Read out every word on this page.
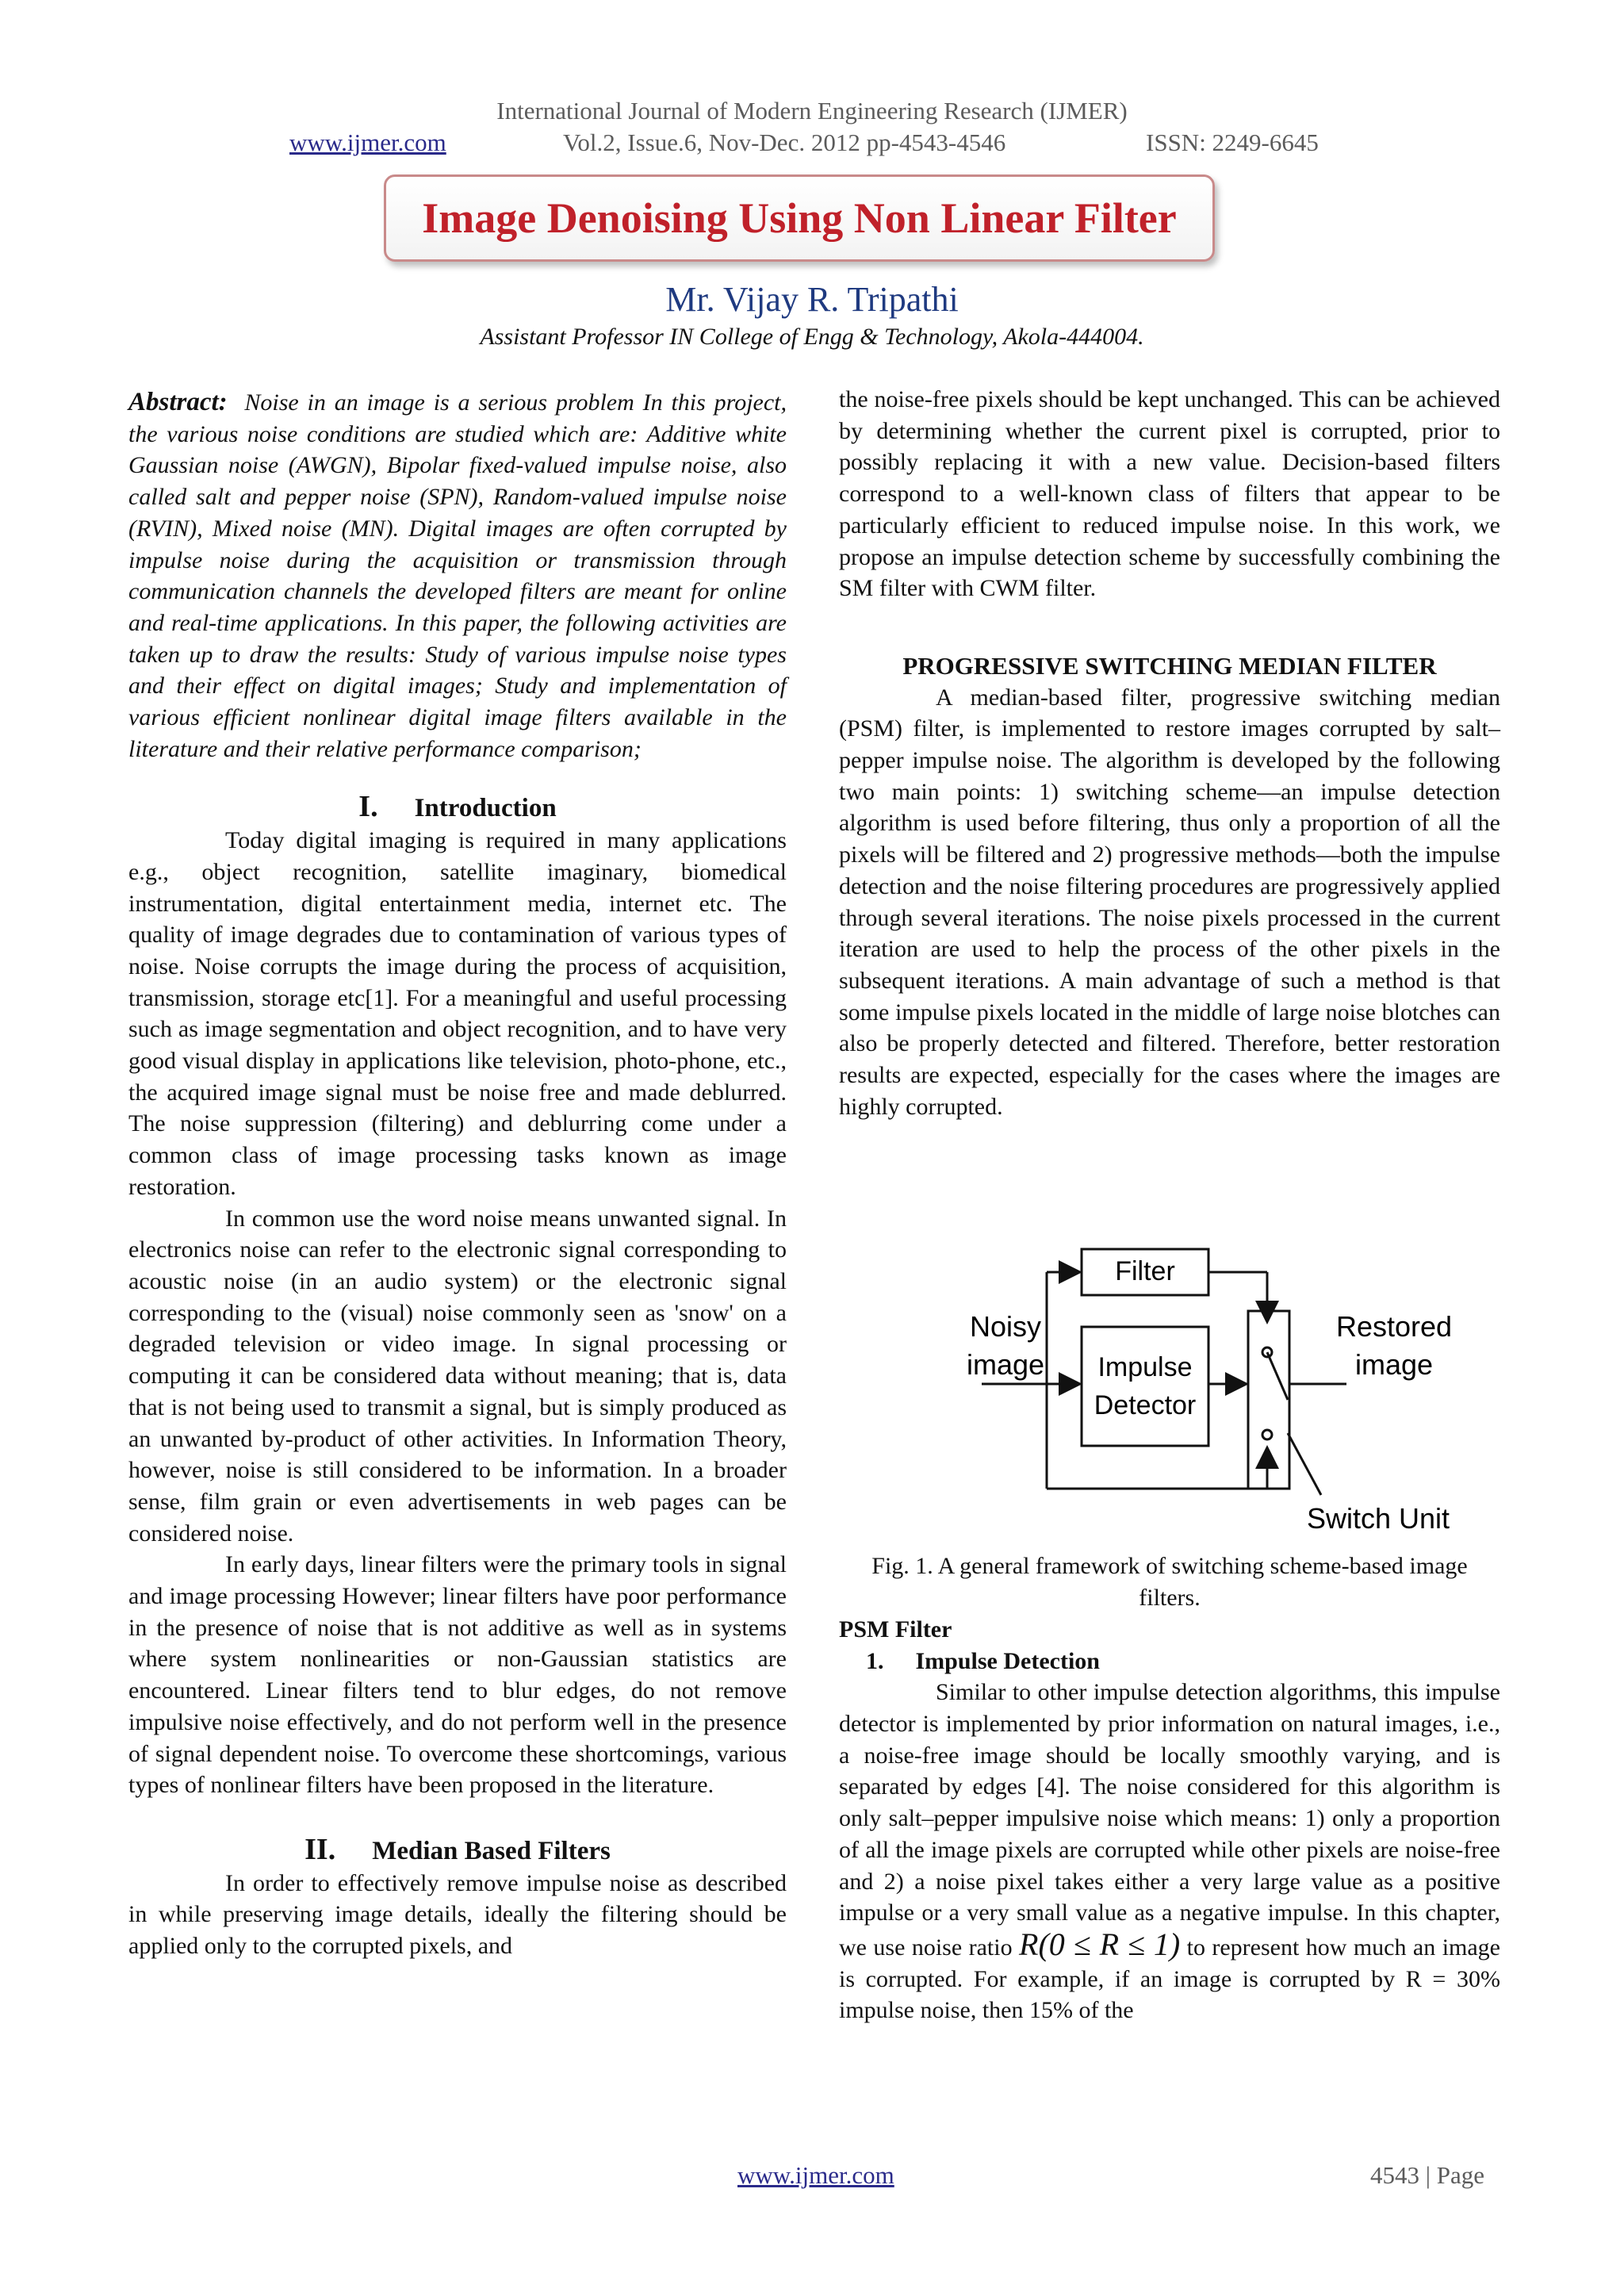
International Journal of Modern Engineering Research (IJMER)
www.ijmer.com	Vol.2, Issue.6, Nov-Dec. 2012 pp-4543-4546	ISSN: 2249-6645
Image Denoising Using Non Linear Filter
Mr. Vijay R. Tripathi
Assistant Professor IN College of Engg & Technology, Akola-444004.

Abstract: Noise in an image is a serious problem In this project, the various noise conditions are studied which are: Additive white Gaussian noise (AWGN), Bipolar fixed-valued impulse noise, also called salt and pepper noise (SPN), Random-valued impulse noise (RVIN), Mixed noise (MN). Digital images are often corrupted by impulse noise during the acquisition or transmission through communication channels the developed filters are meant for online and real-time applications. In this paper, the following activities are taken up to draw the results: Study of various impulse noise types and their effect on digital images; Study and implementation of various efficient nonlinear digital image filters available in the literature and their relative performance comparison;

I. Introduction

Today digital imaging is required in many applications e.g., object recognition, satellite imaginary, biomedical instrumentation, digital entertainment media, internet etc. The quality of image degrades due to contamination of various types of noise. Noise corrupts the image during the process of acquisition, transmission, storage etc[1]. For a meaningful and useful processing such as image segmentation and object recognition, and to have very good visual display in applications like television, photo-phone, etc., the acquired image signal must be noise free and made deblurred. The noise suppression (filtering) and deblurring come under a common class of image processing tasks known as image restoration.

In common use the word noise means unwanted signal. In electronics noise can refer to the electronic signal corresponding to acoustic noise (in an audio system) or the electronic signal corresponding to the (visual) noise commonly seen as 'snow' on a degraded television or video image. In signal processing or computing it can be considered data without meaning; that is, data that is not being used to transmit a signal, but is simply produced as an unwanted by-product of other activities. In Information Theory, however, noise is still considered to be information. In a broader sense, film grain or even advertisements in web pages can be considered noise.

In early days, linear filters were the primary tools in signal and image processing However; linear filters have poor performance in the presence of noise that is not additive as well as in systems where system nonlinearities or non-Gaussian statistics are encountered. Linear filters tend to blur edges, do not remove impulsive noise effectively, and do not perform well in the presence of signal dependent noise. To overcome these shortcomings, various types of nonlinear filters have been proposed in the literature.

II. Median Based Filters

In order to effectively remove impulse noise as described in while preserving image details, ideally the filtering should be applied only to the corrupted pixels, and

the noise-free pixels should be kept unchanged. This can be achieved by determining whether the current pixel is corrupted, prior to possibly replacing it with a new value. Decision-based filters correspond to a well-known class of filters that appear to be particularly efficient to reduced impulse noise. In this work, we propose an impulse detection scheme by successfully combining the SM filter with CWM filter.

PROGRESSIVE SWITCHING MEDIAN FILTER

A median-based filter, progressive switching median (PSM) filter, is implemented to restore images corrupted by salt–pepper impulse noise. The algorithm is developed by the following two main points: 1) switching scheme—an impulse detection algorithm is used before filtering, thus only a proportion of all the pixels will be filtered and 2) progressive methods—both the impulse detection and the noise filtering procedures are progressively applied through several iterations. The noise pixels processed in the current iteration are used to help the process of the other pixels in the subsequent iterations. A main advantage of such a method is that some impulse pixels located in the middle of large noise blotches can also be properly detected and filtered. Therefore, better restoration results are expected, especially for the cases where the images are highly corrupted.

Filter
Impulse
Detector
Noisy
image
Restored
image
Switch Unit

Fig. 1. A general framework of switching scheme-based image filters.

PSM Filter

1. Impulse Detection

Similar to other impulse detection algorithms, this impulse detector is implemented by prior information on natural images, i.e., a noise-free image should be locally smoothly varying, and is separated by edges [4]. The noise considered for this algorithm is only salt–pepper impulsive noise which means: 1) only a proportion of all the image pixels are corrupted while other pixels are noise-free and 2) a noise pixel takes either a very large value as a positive impulse or a very small value as a negative impulse. In this chapter, we use noise ratio R(0 ≤ R ≤ 1) to represent how much an image is corrupted. For example, if an image is corrupted by R = 30% impulse noise, then 15% of the

www.ijmer.com	4543 | Page
